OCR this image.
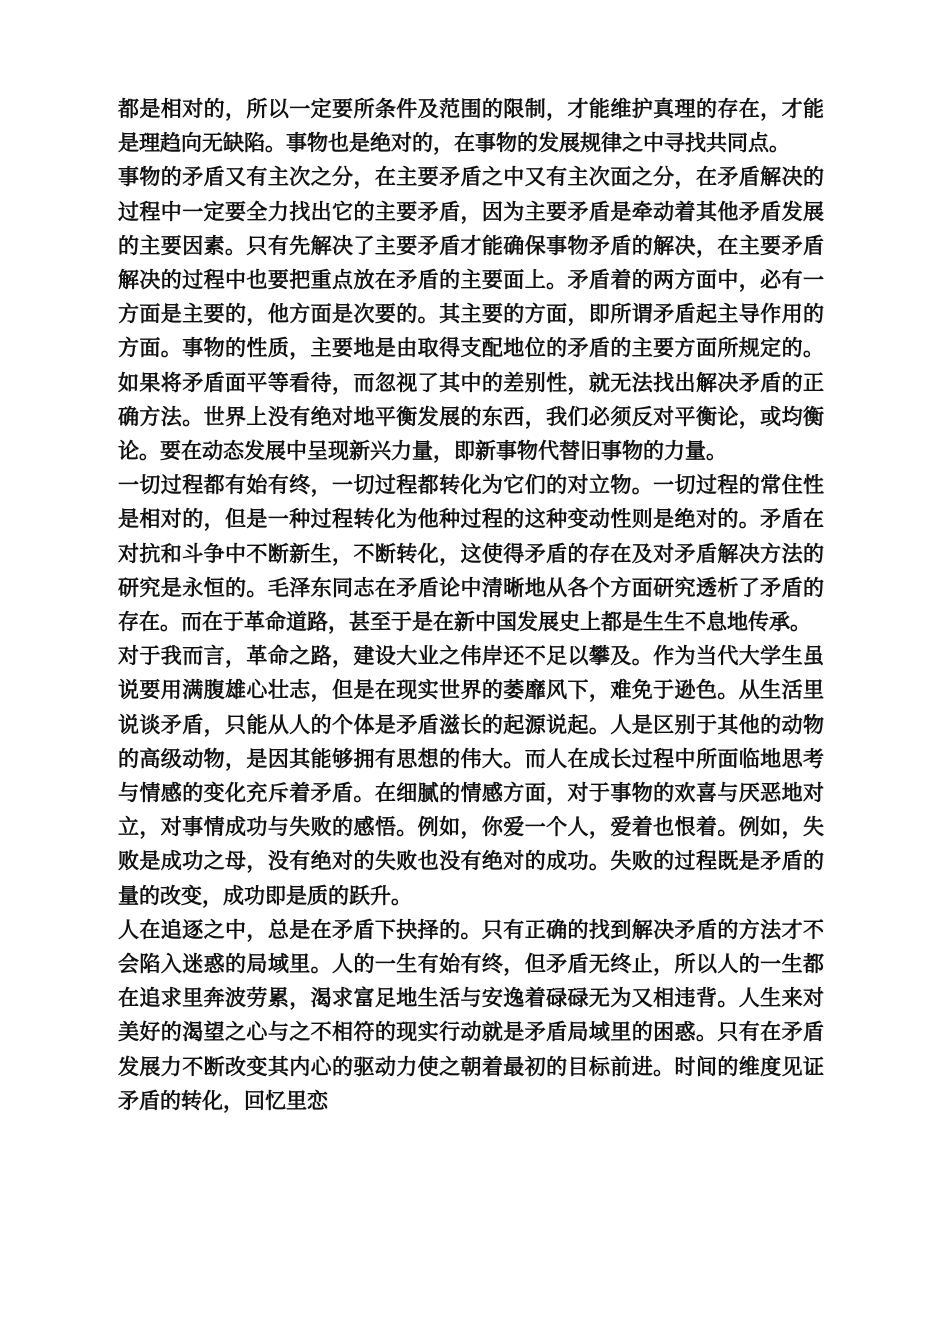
都是相对的，所以一定要所条件及范围的限制，才能维护真理的存在，才能是理趋向无缺陷。事物也是绝对的，在事物的发展规律之中寻找共同点。

事物的矛盾又有主次之分，在主要矛盾之中又有主次面之分，在矛盾解决的过程中一定要全力找出它的主要矛盾，因为主要矛盾是牵动着其他矛盾发展的主要因素。只有先解决了主要矛盾才能确保事物矛盾的解决，在主要矛盾解决的过程中也要把重点放在矛盾的主要面上。矛盾着的两方面中，必有一方面是主要的，他方面是次要的。其主要的方面，即所谓矛盾起主导作用的方面。事物的性质，主要地是由取得支配地位的矛盾的主要方面所规定的。如果将矛盾面平等看待，而忽视了其中的差别性，就无法找出解决矛盾的正确方法。世界上没有绝对地平衡发展的东西，我们必须反对平衡论，或均衡论。要在动态发展中呈现新兴力量，即新事物代替旧事物的力量。

一切过程都有始有终，一切过程都转化为它们的对立物。一切过程的常住性是相对的，但是一种过程转化为他种过程的这种变动性则是绝对的。矛盾在对抗和斗争中不断新生，不断转化，这使得矛盾的存在及对矛盾解决方法的研究是永恒的。毛泽东同志在矛盾论中清晰地从各个方面研究透析了矛盾的存在。而在于革命道路，甚至于是在新中国发展史上都是生生不息地传承。

对于我而言，革命之路，建设大业之伟岸还不足以攀及。作为当代大学生虽说要用满腹雄心壮志，但是在现实世界的萎靡风下，难免于逊色。从生活里说谈矛盾，只能从人的个体是矛盾滋长的起源说起。人是区别于其他的动物的高级动物，是因其能够拥有思想的伟大。而人在成长过程中所面临地思考与情感的变化充斥着矛盾。在细腻的情感方面，对于事物的欢喜与厌恶地对立，对事情成功与失败的感悟。例如，你爱一个人，爱着也恨着。例如，失败是成功之母，没有绝对的失败也没有绝对的成功。失败的过程既是矛盾的量的改变，成功即是质的跃升。

人在追逐之中，总是在矛盾下抉择的。只有正确的找到解决矛盾的方法才不会陷入迷惑的局域里。人的一生有始有终，但矛盾无终止，所以人的一生都在追求里奔波劳累，渴求富足地生活与安逸着碌碌无为又相违背。人生来对美好的渴望之心与之不相符的现实行动就是矛盾局域里的困惑。只有在矛盾发展力不断改变其内心的驱动力使之朝着最初的目标前进。时间的维度见证矛盾的转化，回忆里恋
